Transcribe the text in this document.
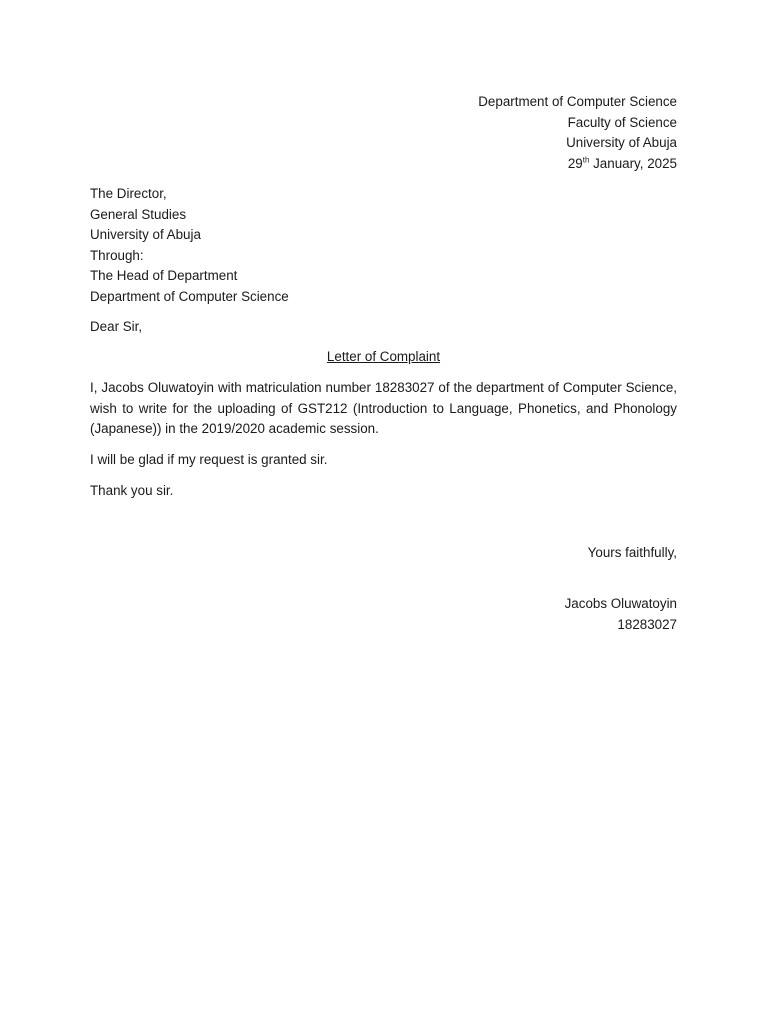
Department of Computer Science
Faculty of Science
University of Abuja
29th January, 2025
The Director,
General Studies
University of Abuja
Through:
The Head of Department
Department of Computer Science
Dear Sir,
Letter of Complaint
I, Jacobs Oluwatoyin with matriculation number 18283027 of the department of Computer Science, wish to write for the uploading of GST212 (Introduction to Language, Phonetics, and Phonology (Japanese)) in the 2019/2020 academic session.
I will be glad if my request is granted sir.
Thank you sir.
Yours faithfully,
Jacobs Oluwatoyin
18283027
